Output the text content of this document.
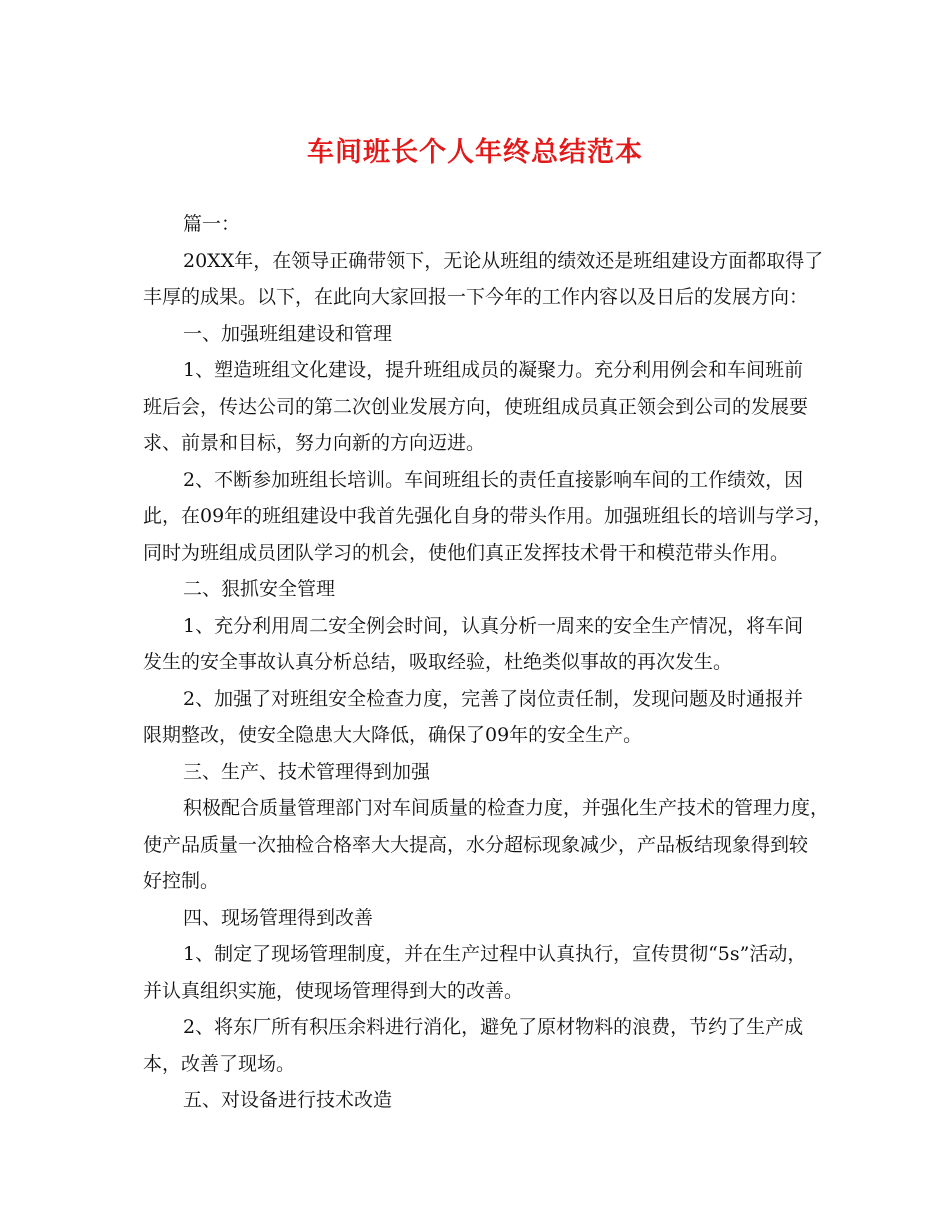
车间班长个人年终总结范本
篇一：
20XX年，在领导正确带领下，无论从班组的绩效还是班组建设方面都取得了
丰厚的成果。以下，在此向大家回报一下今年的工作内容以及日后的发展方向：
一、加强班组建设和管理
1、塑造班组文化建设，提升班组成员的凝聚力。充分利用例会和车间班前
班后会，传达公司的第二次创业发展方向，使班组成员真正领会到公司的发展要
求、前景和目标，努力向新的方向迈进。
2、不断参加班组长培训。车间班组长的责任直接影响车间的工作绩效，因
此，在09年的班组建设中我首先强化自身的带头作用。加强班组长的培训与学习，
同时为班组成员团队学习的机会，使他们真正发挥技术骨干和模范带头作用。
二、狠抓安全管理
1、充分利用周二安全例会时间，认真分析一周来的安全生产情况，将车间
发生的安全事故认真分析总结，吸取经验，杜绝类似事故的再次发生。
2、加强了对班组安全检查力度，完善了岗位责任制，发现问题及时通报并
限期整改，使安全隐患大大降低，确保了09年的安全生产。
三、生产、技术管理得到加强
积极配合质量管理部门对车间质量的检查力度，并强化生产技术的管理力度，
使产品质量一次抽检合格率大大提高，水分超标现象减少，产品板结现象得到较
好控制。
四、现场管理得到改善
1、制定了现场管理制度，并在生产过程中认真执行，宣传贯彻“5s”活动，
并认真组织实施，使现场管理得到大的改善。
2、将东厂所有积压余料进行消化，避免了原材物料的浪费，节约了生产成
本，改善了现场。
五、对设备进行技术改造
